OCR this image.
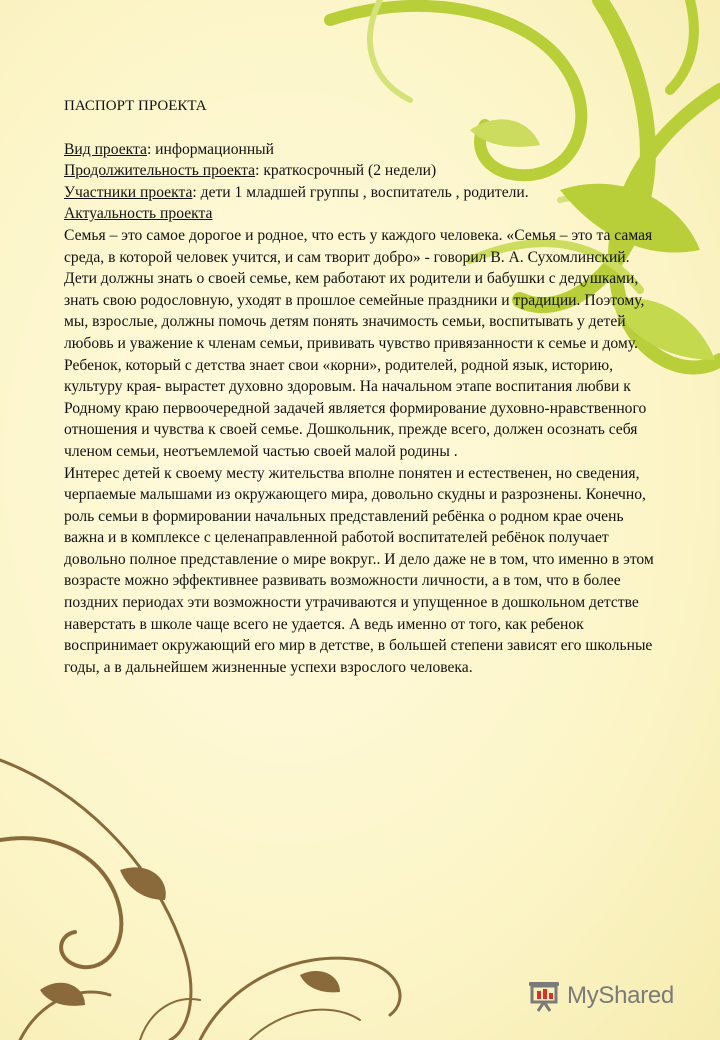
ПАСПОРТ ПРОЕКТА

Вид проекта: информационный

Продолжительность проекта: краткосрочный (2 недели)

Участники проекта: дети 1 младшей группы , воспитатель , родители.

Актуальность проекта

Семья – это самое дорогое и родное, что есть у каждого человека. «Семья – это та самая среда, в которой человек учится, и сам творит добро» - говорил В. А. Сухомлинский. Дети должны знать о своей семье, кем работают их родители и бабушки с дедушками, знать свою родословную, уходят в прошлое семейные праздники и традиции. Поэтому, мы, взрослые, должны помочь детям понять значимость семьи, воспитывать у детей любовь и уважение к членам семьи, прививать чувство привязанности к семье и дому.

Ребенок, который с детства знает свои «корни», родителей, родной язык, историю, культуру края- вырастет духовно здоровым. На начальном этапе воспитания любви к Родному краю первоочередной задачей является формирование духовно-нравственного отношения и чувства к своей семье. Дошкольник, прежде всего, должен осознать себя членом семьи, неотъемлемой частью своей малой родины .

Интерес детей к своему месту жительства вполне понятен и естественен, но сведения, черпаемые малышами из окружающего мира, довольно скудны и разрознены. Конечно, роль семьи в формировании начальных представлений ребёнка о родном крае очень важна и в комплексе с целенаправленной работой воспитателей ребёнок получает довольно полное представление о мире вокруг.. И дело даже не в том, что именно в этом возрасте можно эффективнее развивать возможности личности, а в том, что в более поздних периодах эти возможности утрачиваются и упущенное в дошкольном детстве наверстать в школе чаще всего не удается. А ведь именно от того, как ребенок воспринимает окружающий его мир в детстве, в большей степени зависят его школьные годы, а в дальнейшем жизненные успехи взрослого человека.

MyShared
